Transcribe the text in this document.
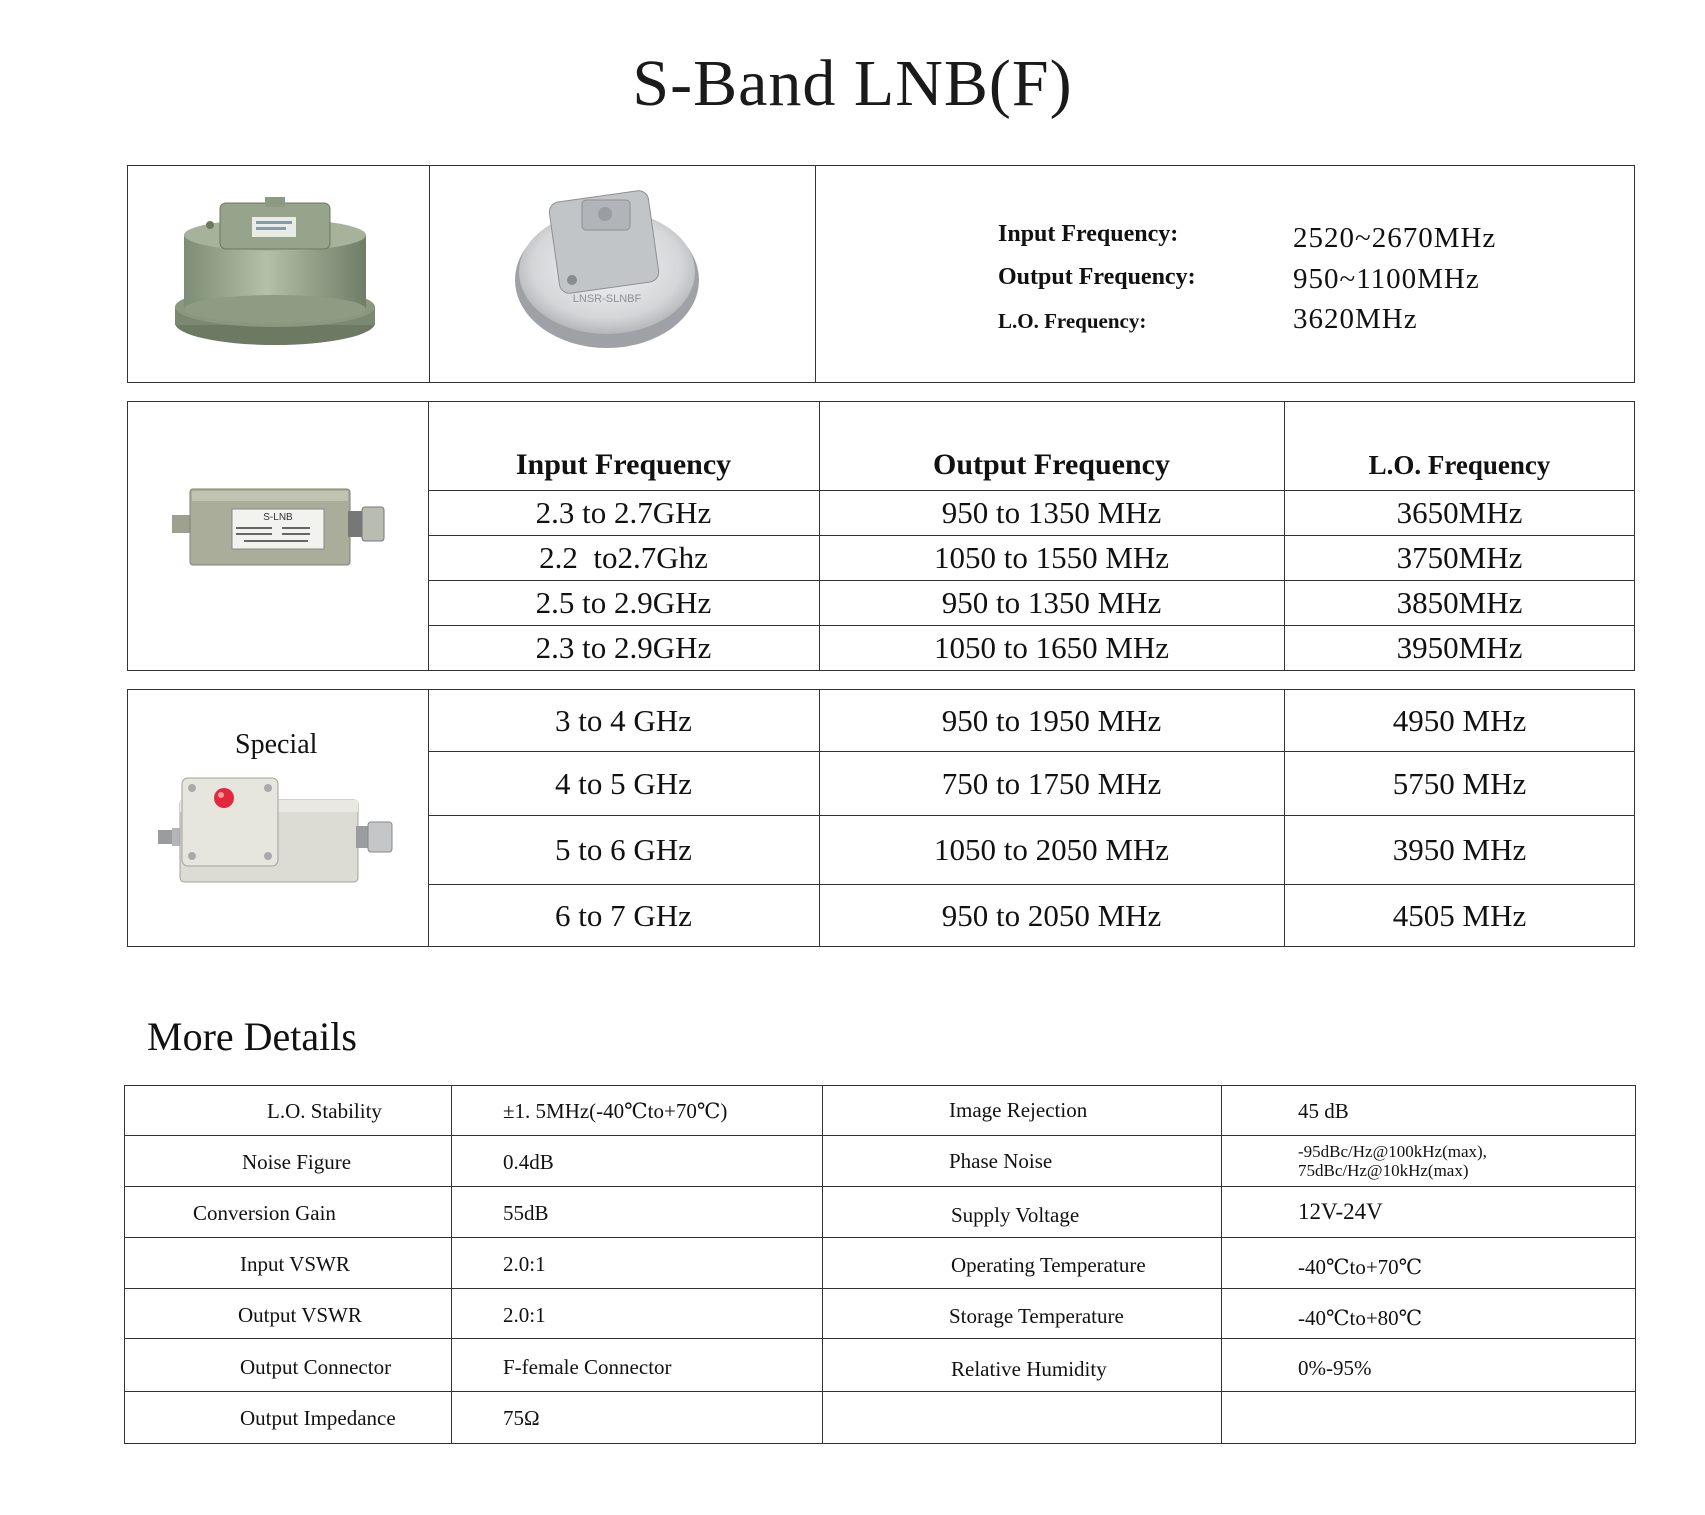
S-Band LNB(F)
LNSR-SLNBF
Input Frequency:	2520~2670MHz
Output Frequency:	950~1100MHz
L.O. Frequency:	3620MHz
S-LNB
Input Frequency	Output Frequency	L.O. Frequency
2.3 to 2.7GHz	950 to 1350 MHz	3650MHz
2.2  to2.7Ghz	1050 to 1550 MHz	3750MHz
2.5 to 2.9GHz	950 to 1350 MHz	3850MHz
2.3 to 2.9GHz	1050 to 1650 MHz	3950MHz
Special
3 to 4 GHz	950 to 1950 MHz	4950 MHz
4 to 5 GHz	750 to 1750 MHz	5750 MHz
5 to 6 GHz	1050 to 2050 MHz	3950 MHz
6 to 7 GHz	950 to 2050 MHz	4505 MHz
More Details
L.O. Stability	±1. 5MHz(-40℃to+70℃)	Image Rejection	45 dB
Noise Figure	0.4dB	Phase Noise	-95dBc/Hz@100kHz(max),
75dBc/Hz@10kHz(max)
Conversion Gain	55dB	Supply Voltage	12V-24V
Input VSWR	2.0:1	Operating Temperature	-40℃to+70℃
Output VSWR	2.0:1	Storage Temperature	-40℃to+80℃
Output Connector	F-female Connector	Relative Humidity	0%-95%
Output Impedance	75Ω
